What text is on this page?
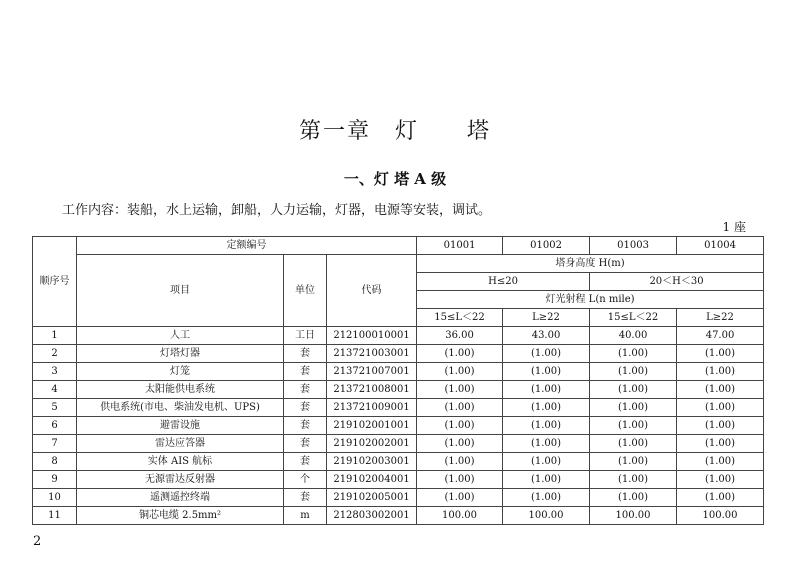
第一章　灯　　塔
一、灯 塔 A 级
工作内容：装船，水上运输，卸船，人力运输，灯器，电源等安装，调试。
1 座
顺序号	定额编号			01001	01002	01003	01004
	项目	单位	代码	塔身高度 H(m)			
				H≤20		20＜H＜30	
				灯光射程 L(n mile)			
				15≤L＜22	L≥22	15≤L＜22	L≥22
1	人工	工日	212100010001	36.00	43.00	40.00	47.00
2	灯塔灯器	套	213721003001	(1.00)	(1.00)	(1.00)	(1.00)
3	灯笼	套	213721007001	(1.00)	(1.00)	(1.00)	(1.00)
4	太阳能供电系统	套	213721008001	(1.00)	(1.00)	(1.00)	(1.00)
5	供电系统(市电、柴油发电机、UPS)	套	213721009001	(1.00)	(1.00)	(1.00)	(1.00)
6	避雷设施	套	219102001001	(1.00)	(1.00)	(1.00)	(1.00)
7	雷达应答器	套	219102002001	(1.00)	(1.00)	(1.00)	(1.00)
8	实体 AIS 航标	套	219102003001	(1.00)	(1.00)	(1.00)	(1.00)
9	无源雷达反射器	个	219102004001	(1.00)	(1.00)	(1.00)	(1.00)
10	遥测遥控终端	套	219102005001	(1.00)	(1.00)	(1.00)	(1.00)
11	铜芯电缆 2.5mm²	m	212803002001	100.00	100.00	100.00	100.00
2
